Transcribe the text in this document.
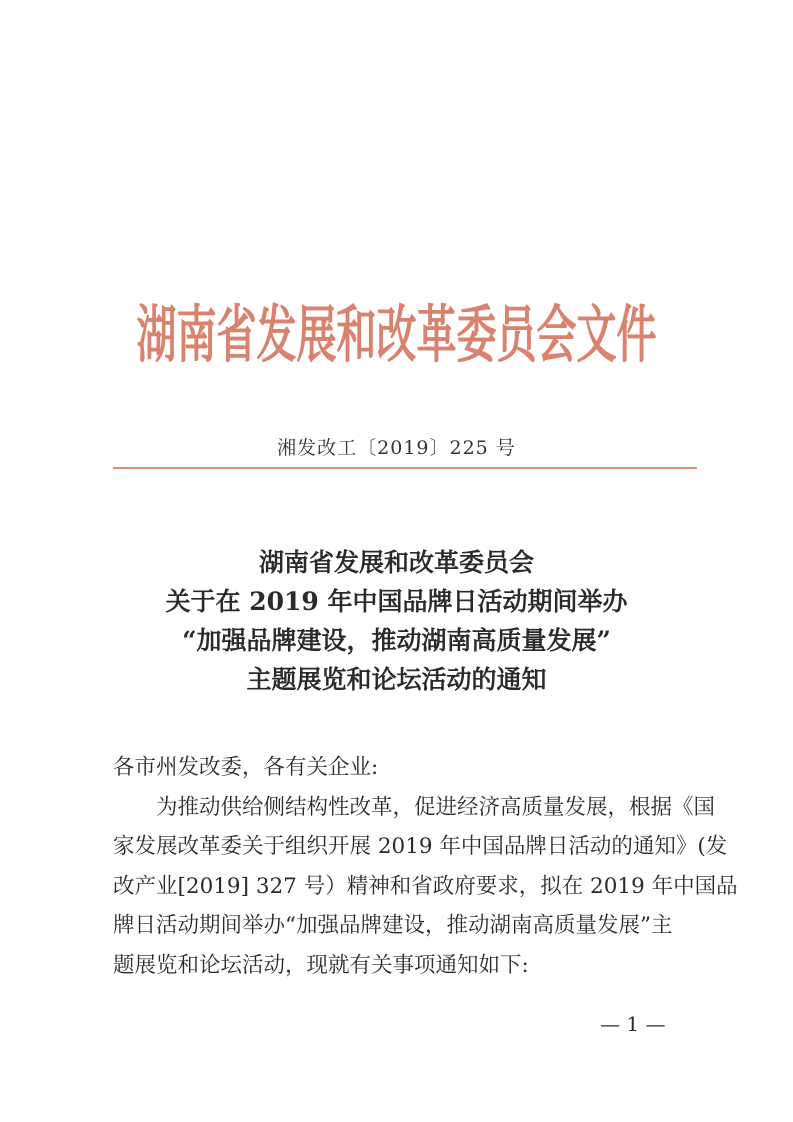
湖南省发展和改革委员会文件
湘发改工〔2019〕225 号
湖南省发展和改革委员会
关于在 2019 年中国品牌日活动期间举办
“加强品牌建设，推动湖南高质量发展”
主题展览和论坛活动的通知
各市州发改委，各有关企业:
为推动供给侧结构性改革，促进经济高质量发展，根据《国
家发展改革委关于组织开展 2019 年中国品牌日活动的通知》(发
改产业[2019] 327 号）精神和省政府要求，拟在 2019 年中国品
牌日活动期间举办“加强品牌建设，推动湖南高质量发展”主
题展览和论坛活动，现就有关事项通知如下:
— 1 —
